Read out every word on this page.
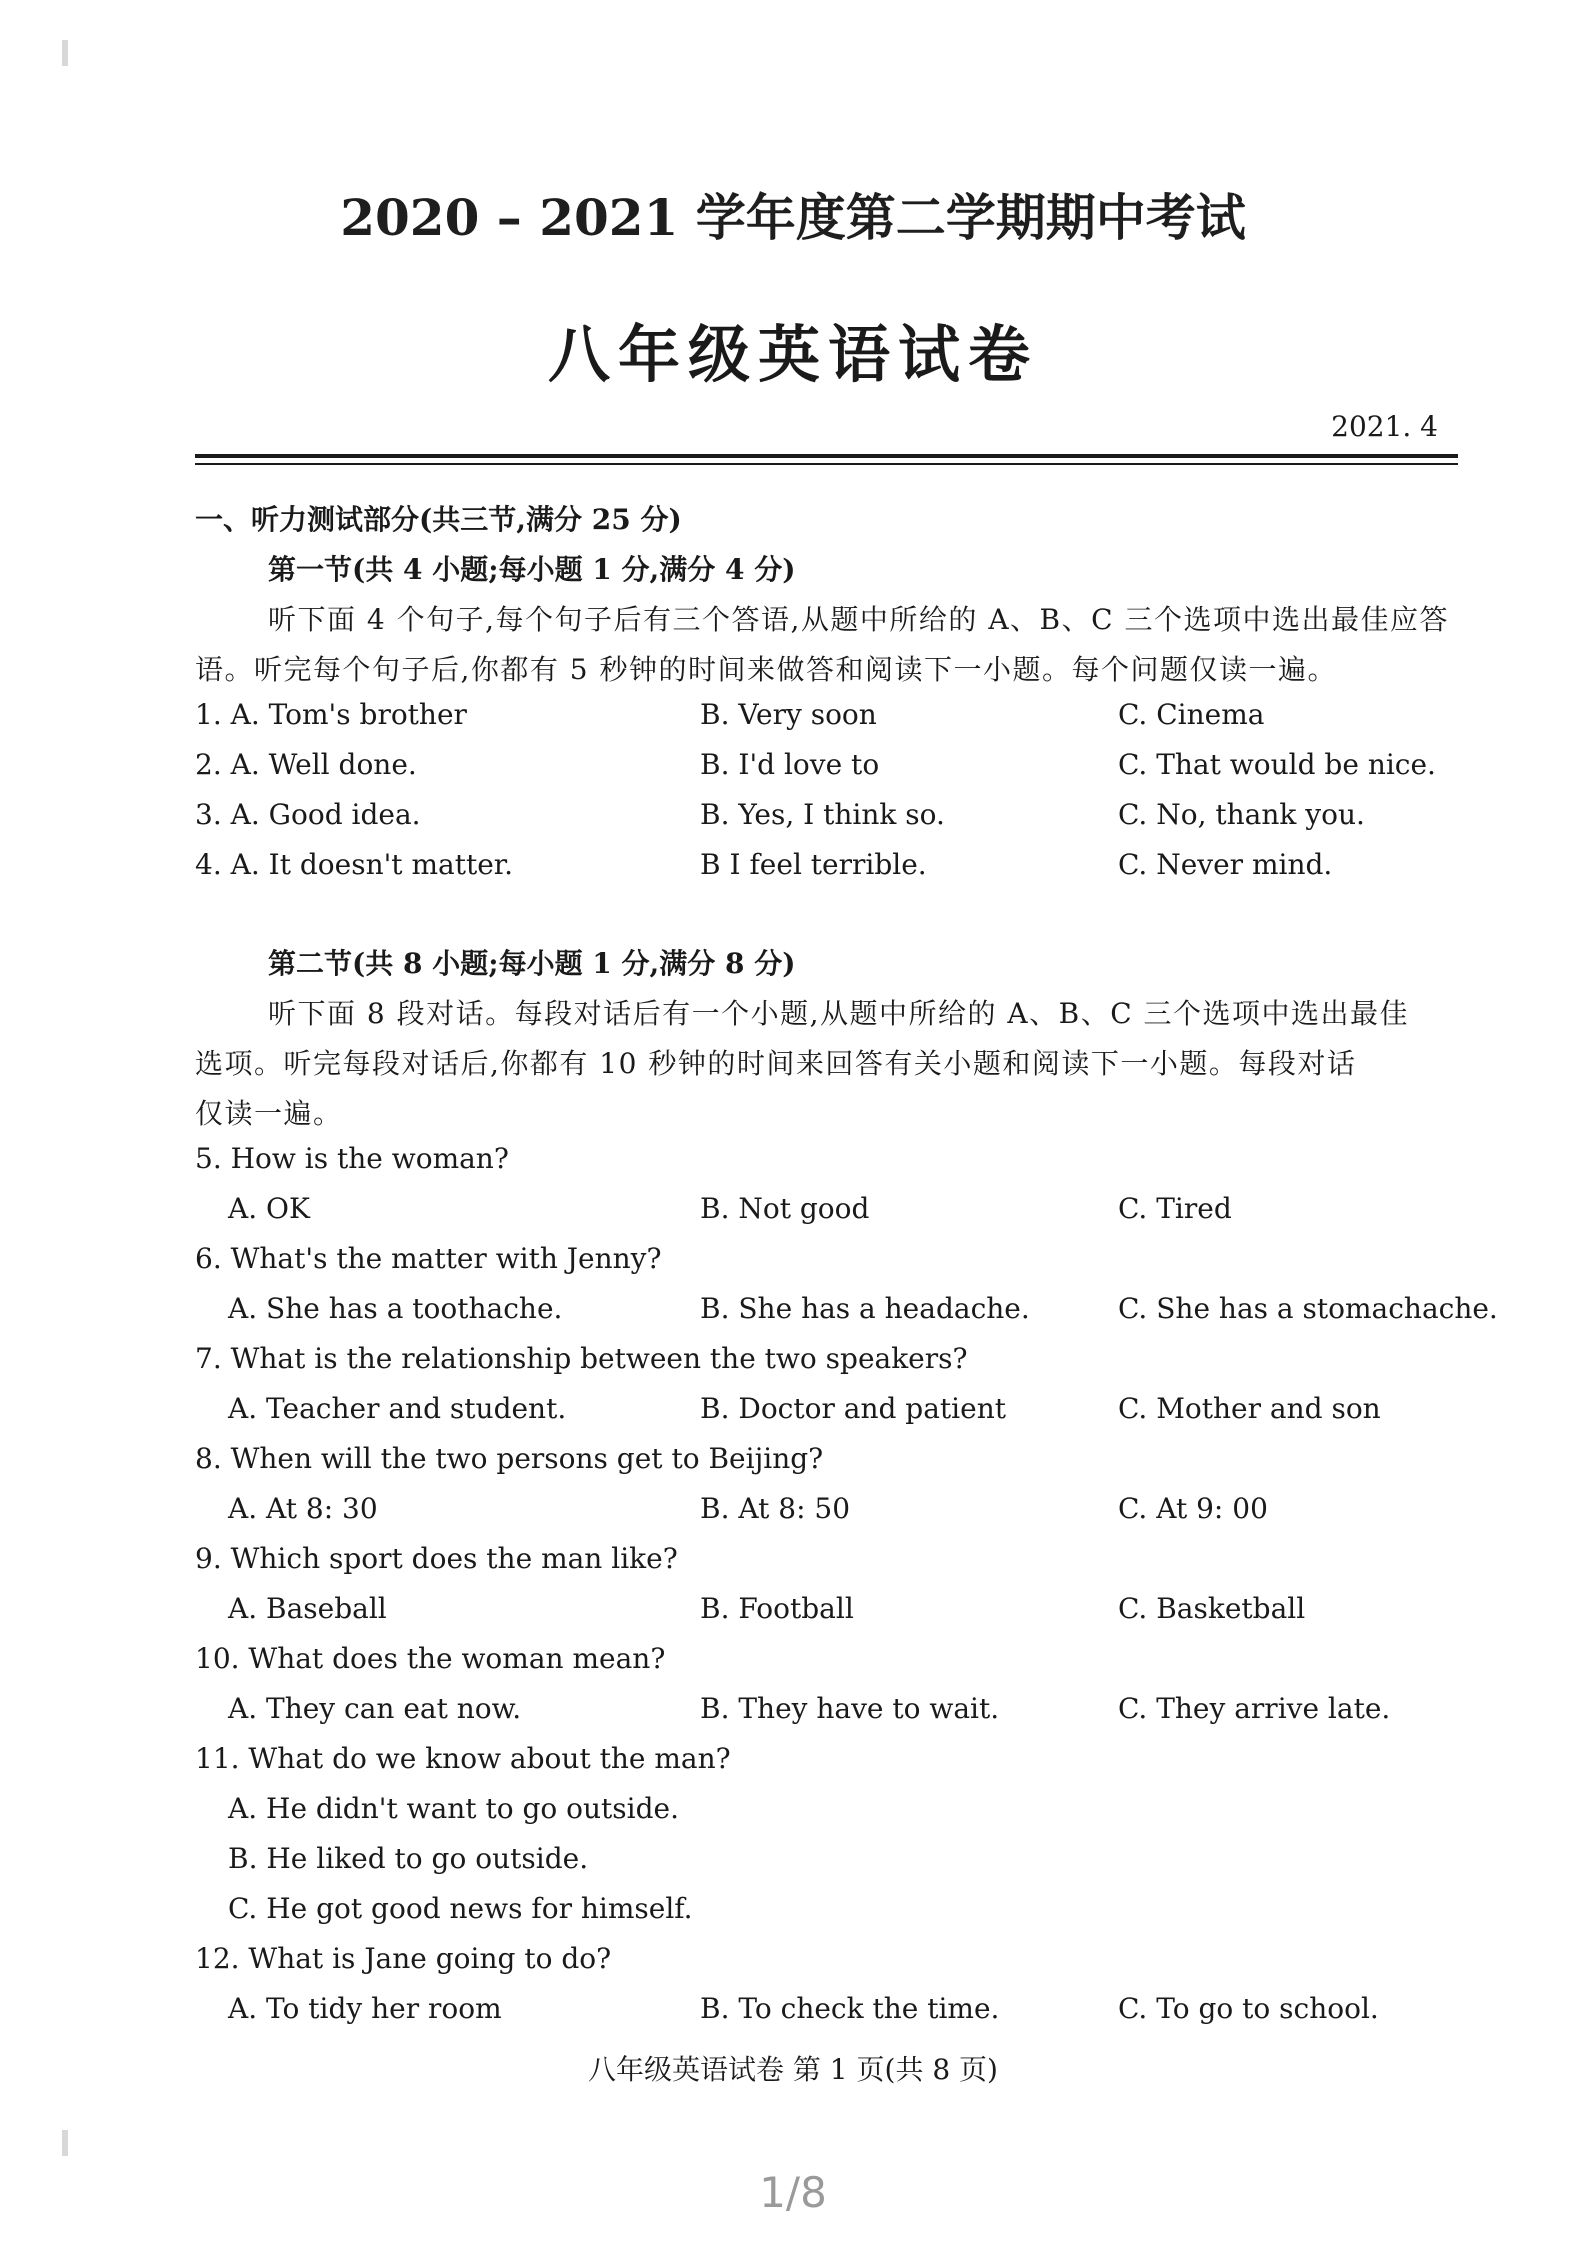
2020 – 2021 学年度第二学期期中考试
八年级英语试卷
2021. 4
一、听力测试部分(共三节,满分 25 分)
第一节(共 4 小题;每小题 1 分,满分 4 分)
听下面 4 个句子,每个句子后有三个答语,从题中所给的 A、B、C 三个选项中选出最佳应答
语。听完每个句子后,你都有 5 秒钟的时间来做答和阅读下一小题。每个问题仅读一遍。
1. A. Tom's brother	B. Very soon	C. Cinema
2. A. Well done.	B. I'd love to	C. That would be nice.
3. A. Good idea.	B. Yes, I think so.	C. No, thank you.
4. A. It doesn't matter.	B I feel terrible.	C. Never mind.
第二节(共 8 小题;每小题 1 分,满分 8 分)
听下面 8 段对话。每段对话后有一个小题,从题中所给的 A、B、C 三个选项中选出最佳
选项。听完每段对话后,你都有 10 秒钟的时间来回答有关小题和阅读下一小题。每段对话
仅读一遍。
5. How is the woman?
A. OK	B. Not good	C. Tired
6. What's the matter with Jenny?
A. She has a toothache.	B. She has a headache.	C. She has a stomachache.
7. What is the relationship between the two speakers?
A. Teacher and student.	B. Doctor and patient	C. Mother and son
8. When will the two persons get to Beijing?
A. At 8: 30	B. At 8: 50	C. At 9: 00
9. Which sport does the man like?
A. Baseball	B. Football	C. Basketball
10. What does the woman mean?
A. They can eat now.	B. They have to wait.	C. They arrive late.
11. What do we know about the man?
A. He didn't want to go outside.
B. He liked to go outside.
C. He got good news for himself.
12. What is Jane going to do?
A. To tidy her room	B. To check the time.	C. To go to school.
八年级英语试卷 第 1 页(共 8 页)
1/8
